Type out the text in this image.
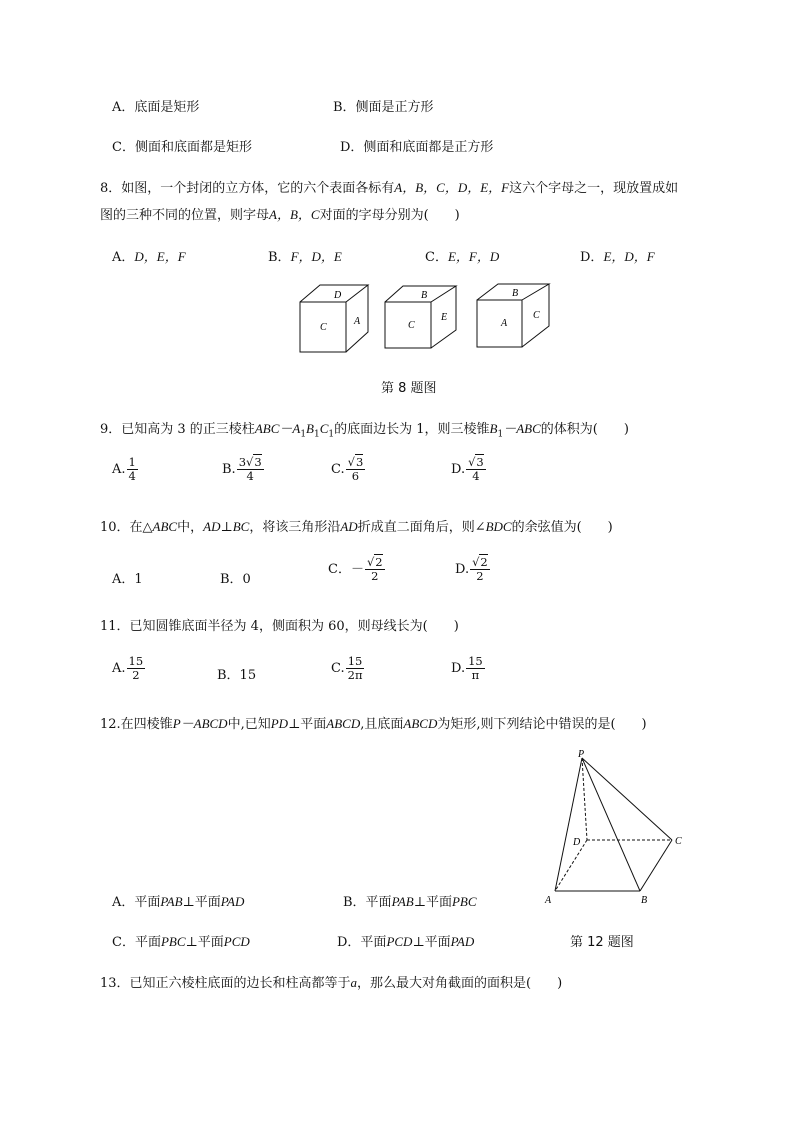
A．底面是矩形	B．侧面是正方形
C．侧面和底面都是矩形	D．侧面和底面都是正方形
8．如图，一个封闭的立方体，它的六个表面各标有A，B，C，D，E，F这六个字母之一，现放置成如
图的三种不同的位置，则字母A，B，C对面的字母分别为(　　)
A．D，E，F	B．F，D，E	C．E，F，D	D．E，D，F
C
D
A	C
B
E
A
B
C
第 8 题图
9．已知高为 3 的正三棱柱$ABC-A_1B_1C_1$的底面边长为 1，则三棱锥$B_1-ABC$的体积为(　　)
A. $\frac{1}{4}$	B. $\frac{3√3}{4}$	C. $\frac{√3}{6}$	D. $\frac{√3}{4}$
10．在△ABC中，AD⊥BC，将该三角形沿AD折成直二面角后，则∠BDC的余弦值为(　　)
A．1	B．0
C．－ $\frac{√2}{2}$	D. $\frac{√2}{2}$
11．已知圆锥底面半径为 4，侧面积为 60，则母线长为(　　)
A. $\frac{15}{2}$	B．15	C. $\frac{15}{2\pi}$	D. $\frac{15}{\pi}$
12.在四棱锥P－ABCD中,已知PD⊥平面ABCD,且底面ABCD为矩形,则下列结论中错误的是(　　)
P
D	C
A	B
A．平面PAB⊥平面PAD	B．平面PAB⊥平面PBC
C．平面PBC⊥平面PCD	D．平面PCD⊥平面PAD	第 12 题图
13．已知正六棱柱底面的边长和柱高都等于a，那么最大对角截面的面积是(　　)
